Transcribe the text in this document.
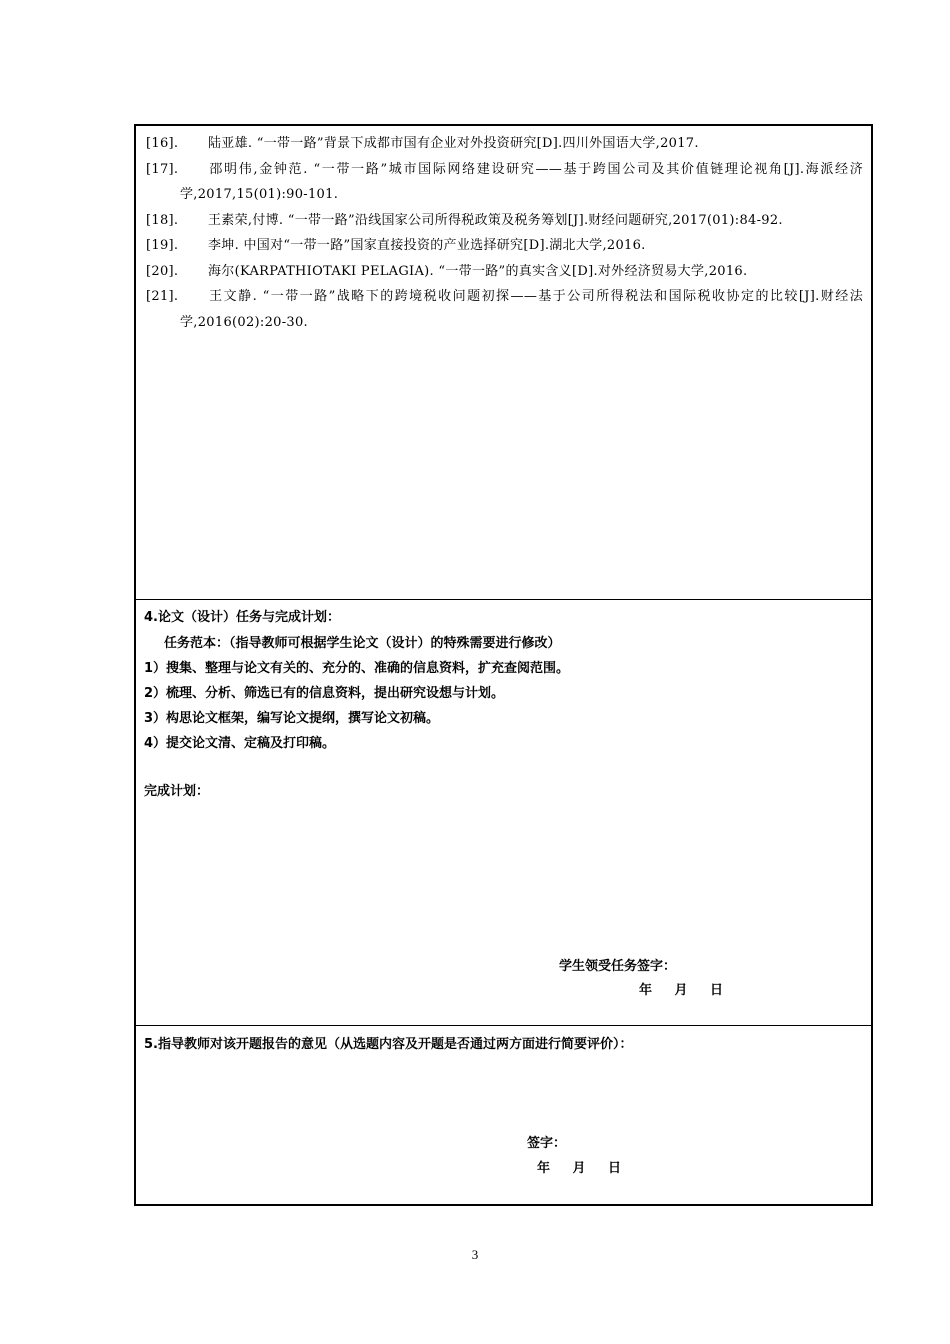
[16]. 陆亚雄. “一带一路”背景下成都市国有企业对外投资研究[D].四川外国语大学,2017.
[17]. 邵明伟,金钟范. “一带一路”城市国际网络建设研究——基于跨国公司及其价值链理论视角[J].海派经济学,2017,15(01):90-101.
[18]. 王素荣,付博. “一带一路”沿线国家公司所得税政策及税务筹划[J].财经问题研究,2017(01):84-92.
[19]. 李坤. 中国对“一带一路”国家直接投资的产业选择研究[D].湖北大学,2016.
[20]. 海尔(KARPATHIOTAKI PELAGIA). “一带一路”的真实含义[D].对外经济贸易大学,2016.
[21]. 王文静. “一带一路”战略下的跨境税收问题初探——基于公司所得税法和国际税收协定的比较[J].财经法学,2016(02):20-30.
4.论文（设计）任务与完成计划：
任务范本：（指导教师可根据学生论文（设计）的特殊需要进行修改）
1）搜集、整理与论文有关的、充分的、准确的信息资料，扩充查阅范围。
2）梳理、分析、筛选已有的信息资料，提出研究设想与计划。
3）构思论文框架，编写论文提纲，撰写论文初稿。
4）提交论文清、定稿及打印稿。
完成计划：
学生领受任务签字：
年 月 日
5.指导教师对该开题报告的意见（从选题内容及开题是否通过两方面进行简要评价）：
签字：
年 月 日
3
